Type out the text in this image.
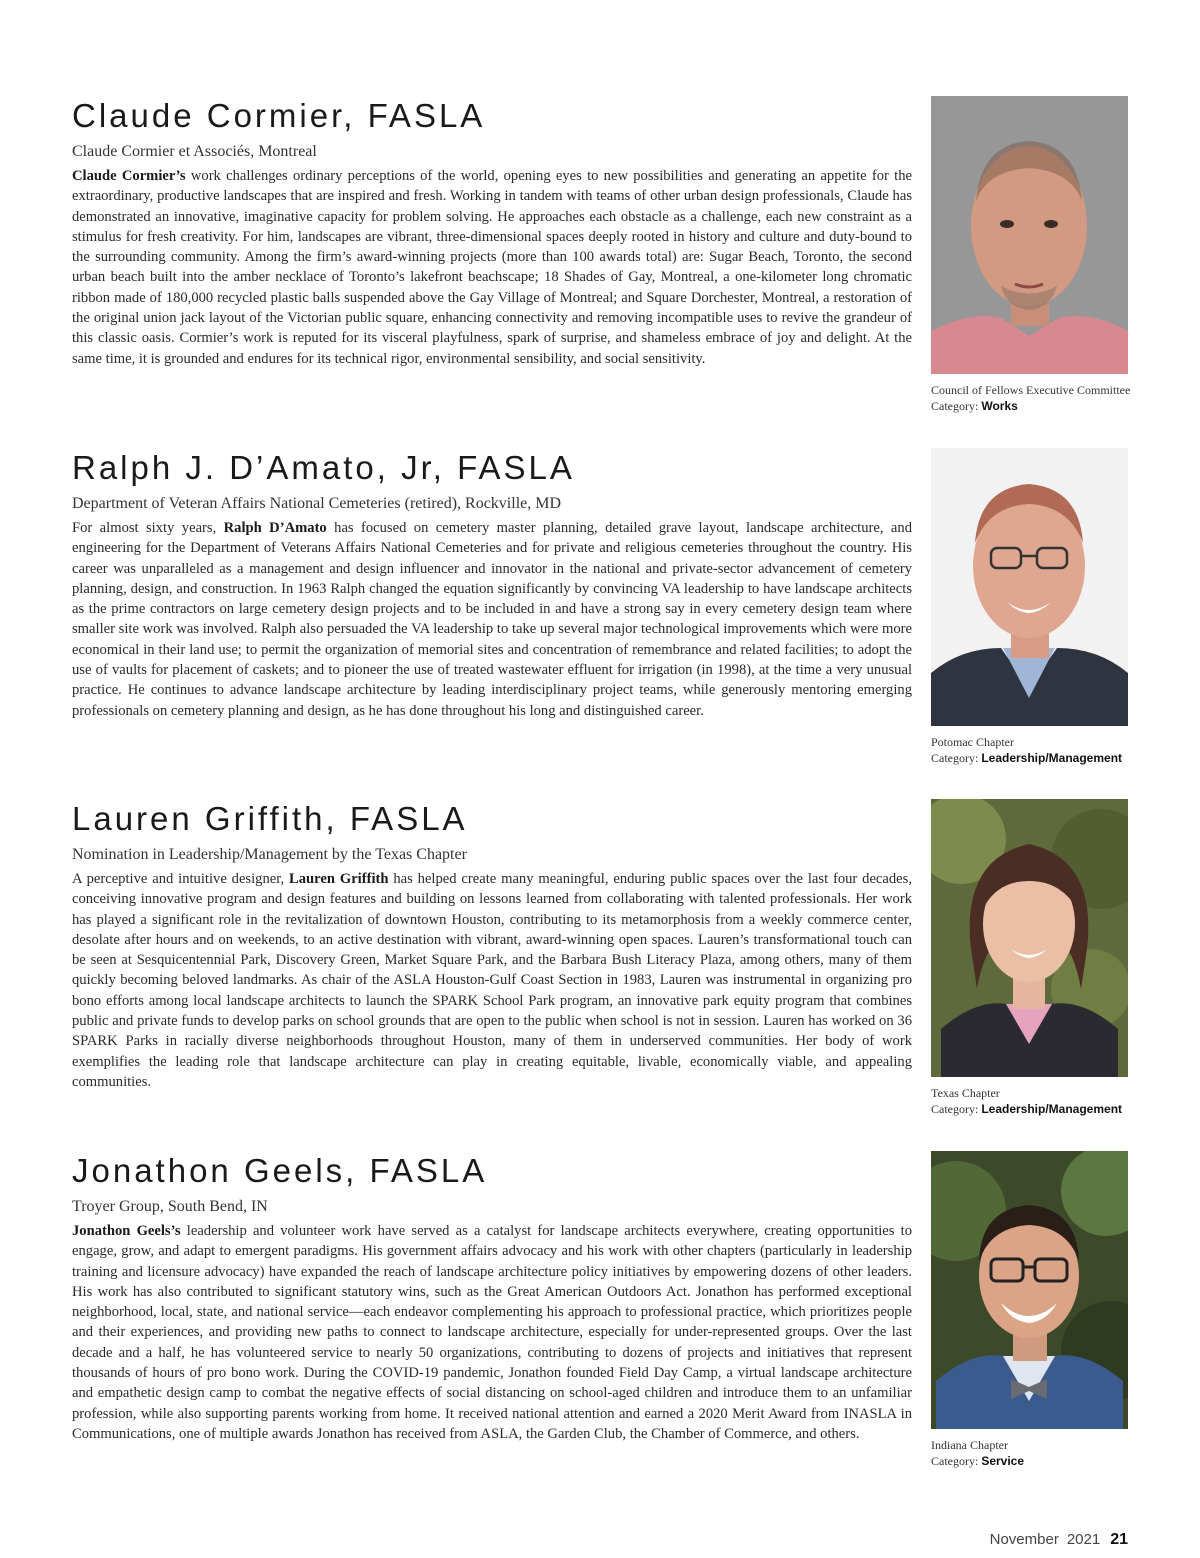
Claude Cormier, FASLA
Claude Cormier et Associés, Montreal

Claude Cormier’s work challenges ordinary perceptions of the world, opening eyes to new possibilities and generating an appetite for the extraordinary, productive landscapes that are inspired and fresh. Working in tandem with teams of other urban design professionals, Claude has demonstrated an innovative, imaginative capacity for problem solving. He approaches each obstacle as a challenge, each new constraint as a stimulus for fresh creativity. For him, landscapes are vibrant, three-dimensional spaces deeply rooted in history and culture and duty-bound to the surrounding community. Among the firm’s award-winning projects (more than 100 awards total) are: Sugar Beach, Toronto, the second urban beach built into the amber necklace of Toronto’s lakefront beachscape; 18 Shades of Gay, Montreal, a one-kilometer long chromatic ribbon made of 180,000 recycled plastic balls suspended above the Gay Village of Montreal; and Square Dorchester, Montreal, a restoration of the original union jack layout of the Victorian public square, enhancing connectivity and removing incompatible uses to revive the grandeur of this classic oasis. Cormier’s work is reputed for its visceral playfulness, spark of surprise, and shameless embrace of joy and delight. At the same time, it is grounded and endures for its technical rigor, environmental sensibility, and social sensitivity.

Council of Fellows Executive Committee
Category: Works
Ralph J. D’Amato, Jr, FASLA
Department of Veteran Affairs National Cemeteries (retired), Rockville, MD

For almost sixty years, Ralph D’Amato has focused on cemetery master planning, detailed grave layout, landscape architecture, and engineering for the Department of Veterans Affairs National Cemeteries and for private and religious cemeteries throughout the country. His career was unparalleled as a management and design influencer and innovator in the national and private-sector advancement of cemetery planning, design, and construction. In 1963 Ralph changed the equation significantly by convincing VA leadership to have landscape architects as the prime contractors on large cemetery design projects and to be included in and have a strong say in every cemetery design team where smaller site work was involved. Ralph also persuaded the VA leadership to take up several major technological improvements which were more economical in their land use; to permit the organization of memorial sites and concentration of remembrance and related facilities; to adopt the use of vaults for placement of caskets; and to pioneer the use of treated wastewater effluent for irrigation (in 1998), at the time a very unusual practice. He continues to advance landscape architecture by leading interdisciplinary project teams, while generously mentoring emerging professionals on cemetery planning and design, as he has done throughout his long and distinguished career.

Potomac Chapter
Category: Leadership/Management
Lauren Griffith, FASLA
Nomination in Leadership/Management by the Texas Chapter

A perceptive and intuitive designer, Lauren Griffith has helped create many meaningful, enduring public spaces over the last four decades, conceiving innovative program and design features and building on lessons learned from collaborating with talented professionals. Her work has played a significant role in the revitalization of downtown Houston, contributing to its metamorphosis from a weekly commerce center, desolate after hours and on weekends, to an active destination with vibrant, award-winning open spaces. Lauren’s transformational touch can be seen at Sesquicentennial Park, Discovery Green, Market Square Park, and the Barbara Bush Literacy Plaza, among others, many of them quickly becoming beloved landmarks. As chair of the ASLA Houston-Gulf Coast Section in 1983, Lauren was instrumental in organizing pro bono efforts among local landscape architects to launch the SPARK School Park program, an innovative park equity program that combines public and private funds to develop parks on school grounds that are open to the public when school is not in session. Lauren has worked on 36 SPARK Parks in racially diverse neighborhoods throughout Houston, many of them in underserved communities. Her body of work exemplifies the leading role that landscape architecture can play in creating equitable, livable, economically viable, and appealing communities.

Texas Chapter
Category: Leadership/Management
Jonathon Geels, FASLA
Troyer Group, South Bend, IN

Jonathon Geels’s leadership and volunteer work have served as a catalyst for landscape architects everywhere, creating opportunities to engage, grow, and adapt to emergent paradigms. His government affairs advocacy and his work with other chapters (particularly in leadership training and licensure advocacy) have expanded the reach of landscape architecture policy initiatives by empowering dozens of other leaders. His work has also contributed to significant statutory wins, such as the Great American Outdoors Act. Jonathon has performed exceptional neighborhood, local, state, and national service—each endeavor complementing his approach to professional practice, which prioritizes people and their experiences, and providing new paths to connect to landscape architecture, especially for under-represented groups. Over the last decade and a half, he has volunteered service to nearly 50 organizations, contributing to dozens of projects and initiatives that represent thousands of hours of pro bono work. During the COVID-19 pandemic, Jonathon founded Field Day Camp, a virtual landscape architecture and empathetic design camp to combat the negative effects of social distancing on school-aged children and introduce them to an unfamiliar profession, while also supporting parents working from home. It received national attention and earned a 2020 Merit Award from INASLA in Communications, one of multiple awards Jonathon has received from ASLA, the Garden Club, the Chamber of Commerce, and others.

Indiana Chapter
Category: Service
November 2021 21
